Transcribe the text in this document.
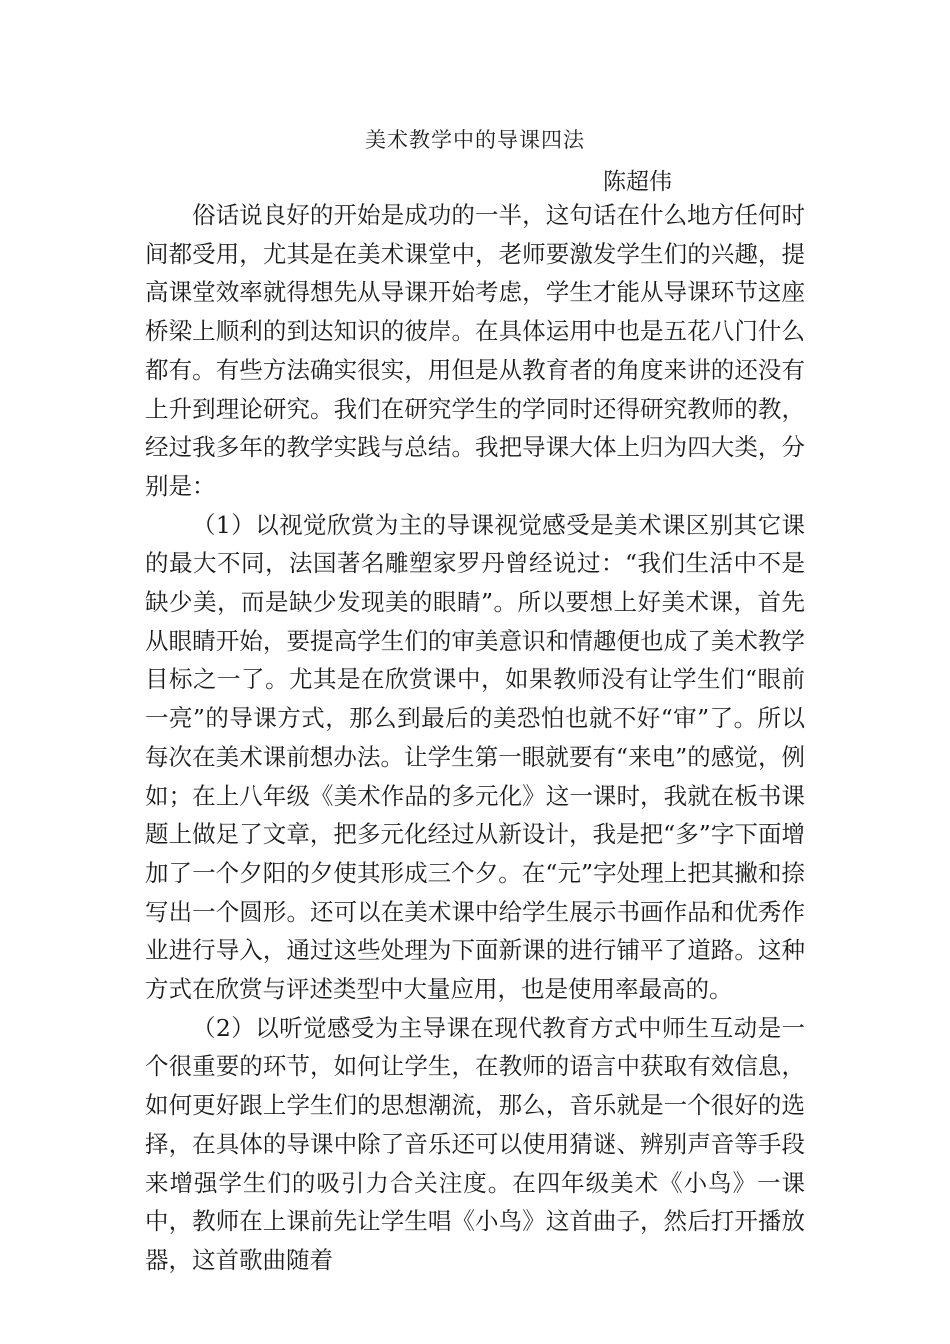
美术教学中的导课四法

陈超伟

俗话说良好的开始是成功的一半，这句话在什么地方任何时间都受用，尤其是在美术课堂中，老师要激发学生们的兴趣，提高课堂效率就得想先从导课开始考虑，学生才能从导课环节这座桥梁上顺利的到达知识的彼岸。在具体运用中也是五花八门什么都有。有些方法确实很实，用但是从教育者的角度来讲的还没有上升到理论研究。我们在研究学生的学同时还得研究教师的教，经过我多年的教学实践与总结。我把导课大体上归为四大类，分别是：

（1）以视觉欣赏为主的导课视觉感受是美术课区别其它课的最大不同，法国著名雕塑家罗丹曾经说过：“我们生活中不是缺少美，而是缺少发现美的眼睛”。所以要想上好美术课，首先从眼睛开始，要提高学生们的审美意识和情趣便也成了美术教学目标之一了。尤其是在欣赏课中，如果教师没有让学生们“眼前一亮”的导课方式，那么到最后的美恐怕也就不好“审”了。所以每次在美术课前想办法。让学生第一眼就要有“来电”的感觉，例如；在上八年级《美术作品的多元化》这一课时，我就在板书课题上做足了文章，把多元化经过从新设计，我是把“多”字下面增加了一个夕阳的夕使其形成三个夕。在“元”字处理上把其撇和捺写出一个圆形。还可以在美术课中给学生展示书画作品和优秀作业进行导入，通过这些处理为下面新课的进行铺平了道路。这种方式在欣赏与评述类型中大量应用，也是使用率最高的。

（2）以听觉感受为主导课在现代教育方式中师生互动是一个很重要的环节，如何让学生，在教师的语言中获取有效信息，如何更好跟上学生们的思想潮流，那么，音乐就是一个很好的选择，在具体的导课中除了音乐还可以使用猜谜、辨别声音等手段来增强学生们的吸引力合关注度。在四年级美术《小鸟》一课中，教师在上课前先让学生唱《小鸟》这首曲子，然后打开播放器，这首歌曲随着
